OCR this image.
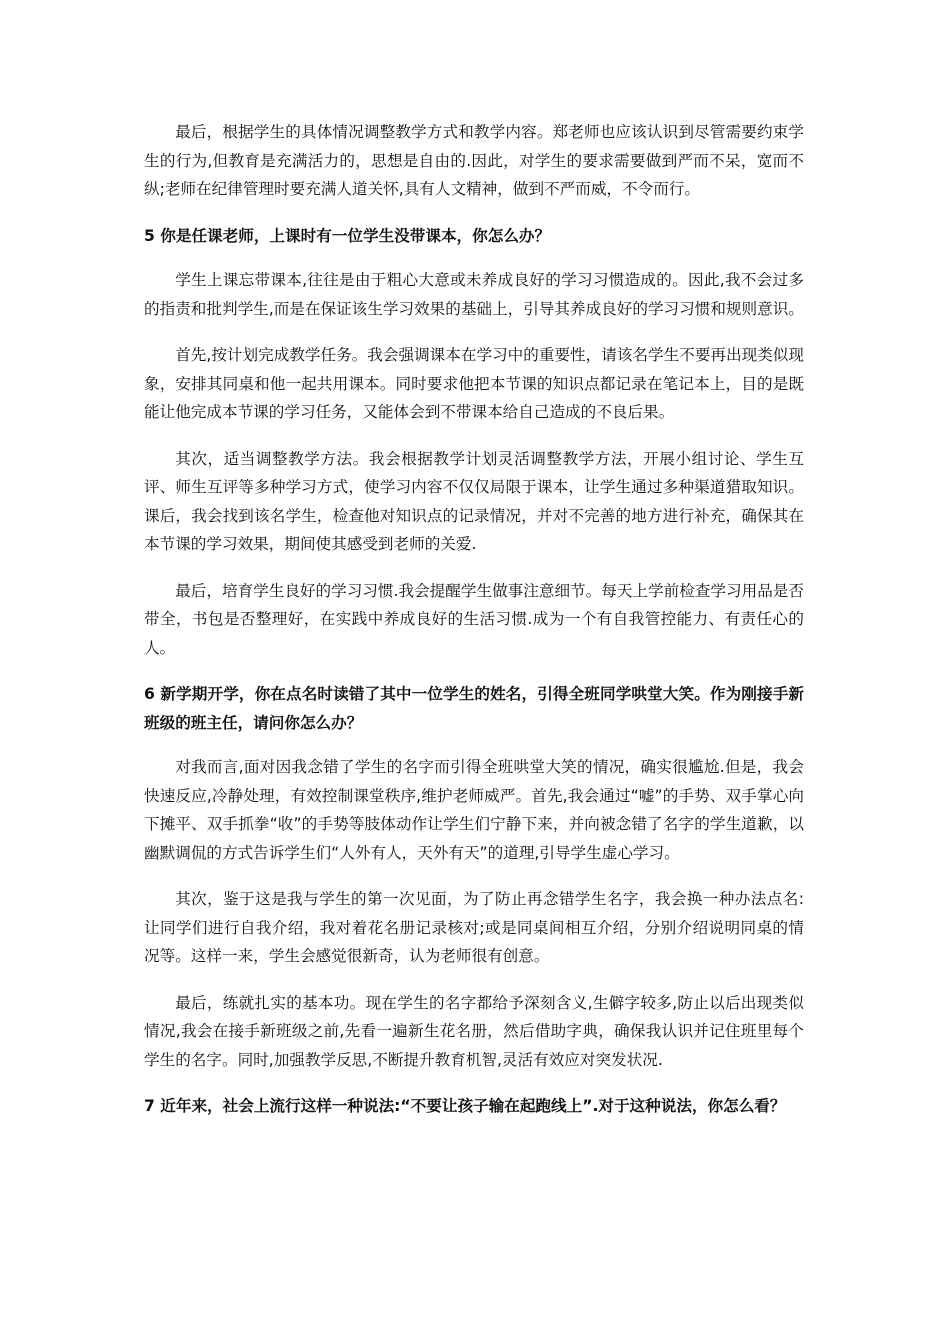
最后，根据学生的具体情况调整教学方式和教学内容。郑老师也应该认识到尽管需要约束学生的行为,但教育是充满活力的，思想是自由的.因此，对学生的要求需要做到严而不呆，宽而不纵;老师在纪律管理时要充满人道关怀,具有人文精神，做到不严而威，不令而行。

5 你是任课老师，上课时有一位学生没带课本，你怎么办？

学生上课忘带课本,往往是由于粗心大意或未养成良好的学习习惯造成的。因此,我不会过多的指责和批判学生,而是在保证该生学习效果的基础上，引导其养成良好的学习习惯和规则意识。

首先,按计划完成教学任务。我会强调课本在学习中的重要性，请该名学生不要再出现类似现象，安排其同桌和他一起共用课本。同时要求他把本节课的知识点都记录在笔记本上，目的是既能让他完成本节课的学习任务，又能体会到不带课本给自己造成的不良后果。

其次，适当调整教学方法。我会根据教学计划灵活调整教学方法，开展小组讨论、学生互评、师生互评等多种学习方式，使学习内容不仅仅局限于课本，让学生通过多种渠道猎取知识。课后，我会找到该名学生，检查他对知识点的记录情况，并对不完善的地方进行补充，确保其在本节课的学习效果，期间使其感受到老师的关爱.

最后，培育学生良好的学习习惯.我会提醒学生做事注意细节。每天上学前检查学习用品是否带全，书包是否整理好，在实践中养成良好的生活习惯.成为一个有自我管控能力、有责任心的人。

6 新学期开学，你在点名时读错了其中一位学生的姓名，引得全班同学哄堂大笑。作为刚接手新班级的班主任，请问你怎么办？

对我而言,面对因我念错了学生的名字而引得全班哄堂大笑的情况，确实很尴尬.但是，我会快速反应,冷静处理，有效控制课堂秩序,维护老师威严。首先,我会通过“嘘”的手势、双手掌心向下摊平、双手抓拳“收”的手势等肢体动作让学生们宁静下来，并向被念错了名字的学生道歉，以幽默调侃的方式告诉学生们“人外有人，天外有天”的道理,引导学生虚心学习。

其次，鉴于这是我与学生的第一次见面，为了防止再念错学生名字，我会换一种办法点名:让同学们进行自我介绍，我对着花名册记录核对;或是同桌间相互介绍，分别介绍说明同桌的情况等。这样一来，学生会感觉很新奇，认为老师很有创意。

最后，练就扎实的基本功。现在学生的名字都给予深刻含义,生僻字较多,防止以后出现类似情况,我会在接手新班级之前,先看一遍新生花名册，然后借助字典，确保我认识并记住班里每个学生的名字。同时,加强教学反思,不断提升教育机智,灵活有效应对突发状况.

7 近年来，社会上流行这样一种说法:“不要让孩子输在起跑线上”.对于这种说法，你怎么看？
